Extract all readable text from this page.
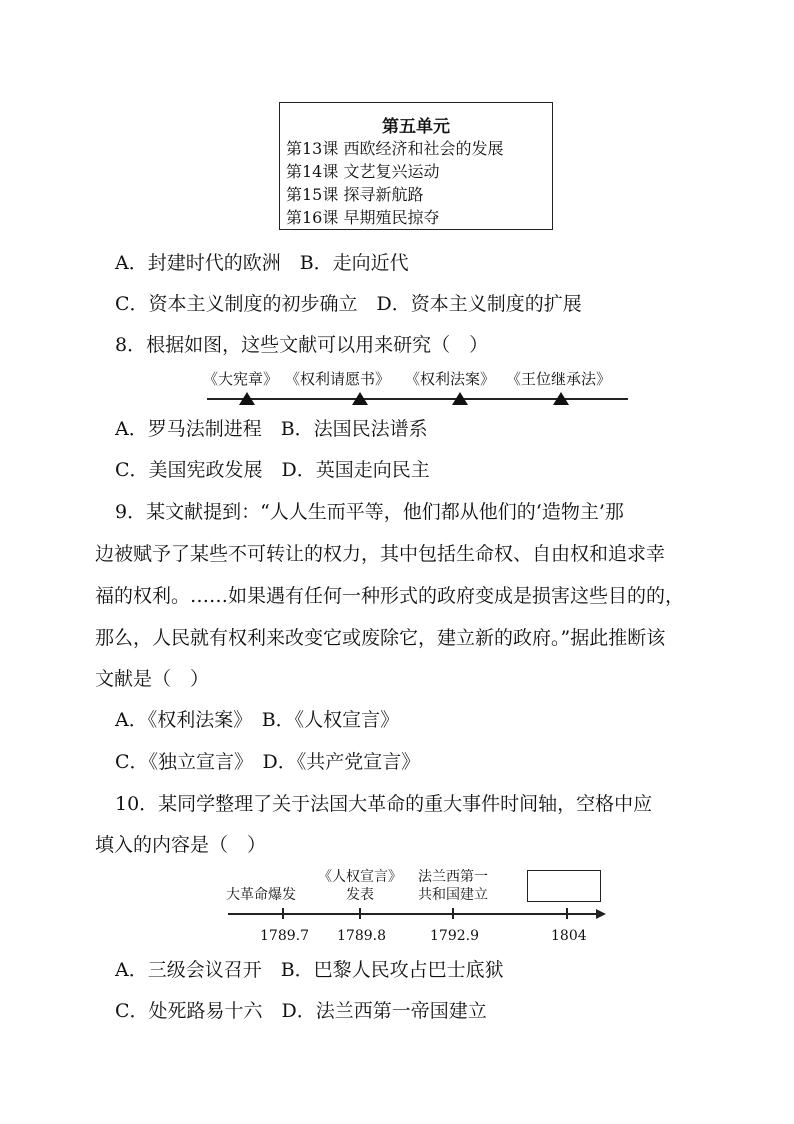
第五单元
第13课 西欧经济和社会的发展
第14课 文艺复兴运动
第15课 探寻新航路
第16课 早期殖民掠夺
A．封建时代的欧洲　B．走向近代
C．资本主义制度的初步确立　D．资本主义制度的扩展
8．根据如图，这些文献可以用来研究（　）
《大宪章》 《权利请愿书》 《权利法案》 《王位继承法》
A．罗马法制进程　B．法国民法谱系
C．美国宪政发展　D．英国走向民主
9．某文献提到：“人人生而平等，他们都从他们的‘造物主’那
边被赋予了某些不可转让的权力，其中包括生命权、自由权和追求幸
福的权利。……如果遇有任何一种形式的政府变成是损害这些目的的，
那么，人民就有权利来改变它或废除它，建立新的政府。”据此推断该
文献是（　）
A．《权利法案》　B．《人权宣言》
C．《独立宣言》　D．《共产党宣言》
10．某同学整理了关于法国大革命的重大事件时间轴，空格中应
填入的内容是（　）
大革命爆发
《人权宣言》
发表
法兰西第一
共和国建立
1789.7 1789.8	1792.9	1804
A．三级会议召开　B．巴黎人民攻占巴士底狱
C．处死路易十六　D．法兰西第一帝国建立
